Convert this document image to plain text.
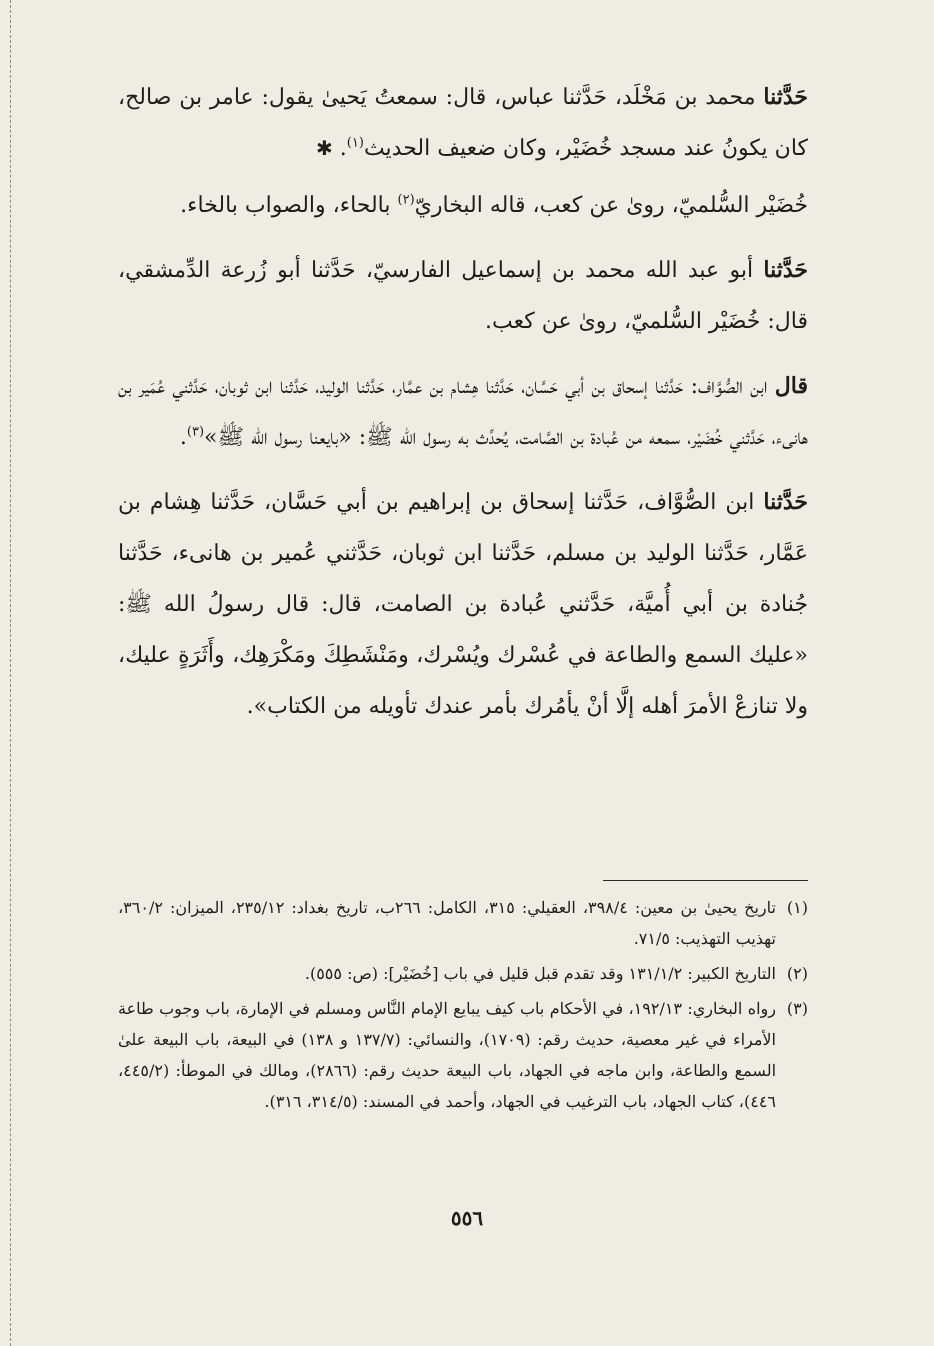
حَدَّثنا محمد بن مَخْلَد، حَدَّثنا عباس، قال: سمعتُ يَحيىٰ يقول: عامر بن صالح، كان يكونُ عند مسجد خُضَيْر، وكان ضعيف الحديث$^{(١)}$. ✱

خُضَيْر السُّلميّ، روىٰ عن كعب، قاله البخاريّ$^{(٢)}$ بالحاء، والصواب بالخاء.

حَدَّثنا أبو عبد الله محمد بن إسماعيل الفارسيّ، حَدَّثنا أبو زُرعة الدِّمشقي، قال: خُضَيْر السُّلميّ، روىٰ عن كعب.

قال ابن الصُّوَّاف: حَدَّثنا إسحاق بن أبي حَسَّان، حَدَّثنا هِشام بن عمَّار، حَدَّثنا الوليد، حَدَّثنا ابن ثوبان، حَدَّثني عُمَير بن هانىء، حَدَّثني خُضَيْر، سمعه من عُبادة بن الصَّامت، يُحدِّث به رسول الله ﷺ: «بايعنا رسول الله ﷺ»$^{(٣)}$.

حَدَّثنا ابن الصُّوَّاف، حَدَّثنا إسحاق بن إبراهيم بن أبي حَسَّان، حَدَّثنا هِشام بن عَمَّار، حَدَّثنا الوليد بن مسلم، حَدَّثنا ابن ثوبان، حَدَّثني عُمير بن هانىء، حَدَّثنا جُنادة بن أبي أُميَّة، حَدَّثني عُبادة بن الصامت، قال: قال رسولُ الله ﷺ: «عليك السمع والطاعة في عُسْرك ويُسْرك، ومَنْشَطِكَ ومَكْرَهِك، وأَثَرَةٍ عليك، ولا تنازعْ الأمرَ أهله إلَّا أنْ يأمُرك بأمر عندك تأويله من الكتاب».

(١)
تاريخ يحيىٰ بن معين: ٣٩٨/٤، العقيلي: ٣١٥، الكامل: ٢٦٦ب، تاريخ بغداد: ٢٣٥/١٢، الميزان: ٣٦٠/٢، تهذيب التهذيب: ٧١/٥.

(٢)
التاريخ الكبير: ١٣١/١/٢ وقد تقدم قبل قليل في باب [خُضَيْر]: (ص: ٥٥٥).

(٣)
رواه البخاري: ١٩٢/١٣، في الأحكام باب كيف يبايع الإمام النَّاس ومسلم في الإمارة، باب وجوب طاعة الأمراء في غير معصية، حديث رقم: (١٧٠٩)، والنسائي: (١٣٧/٧ و ١٣٨) في البيعة، باب البيعة علىٰ السمع والطاعة، وابن ماجه في الجهاد، باب البيعة حديث رقم: (٢٨٦٦)، ومالك في الموطأ: (٤٤٥/٢، ٤٤٦)، كتاب الجهاد، باب الترغيب في الجهاد، وأحمد في المسند: (٣١٤/٥، ٣١٦).

٥٥٦
